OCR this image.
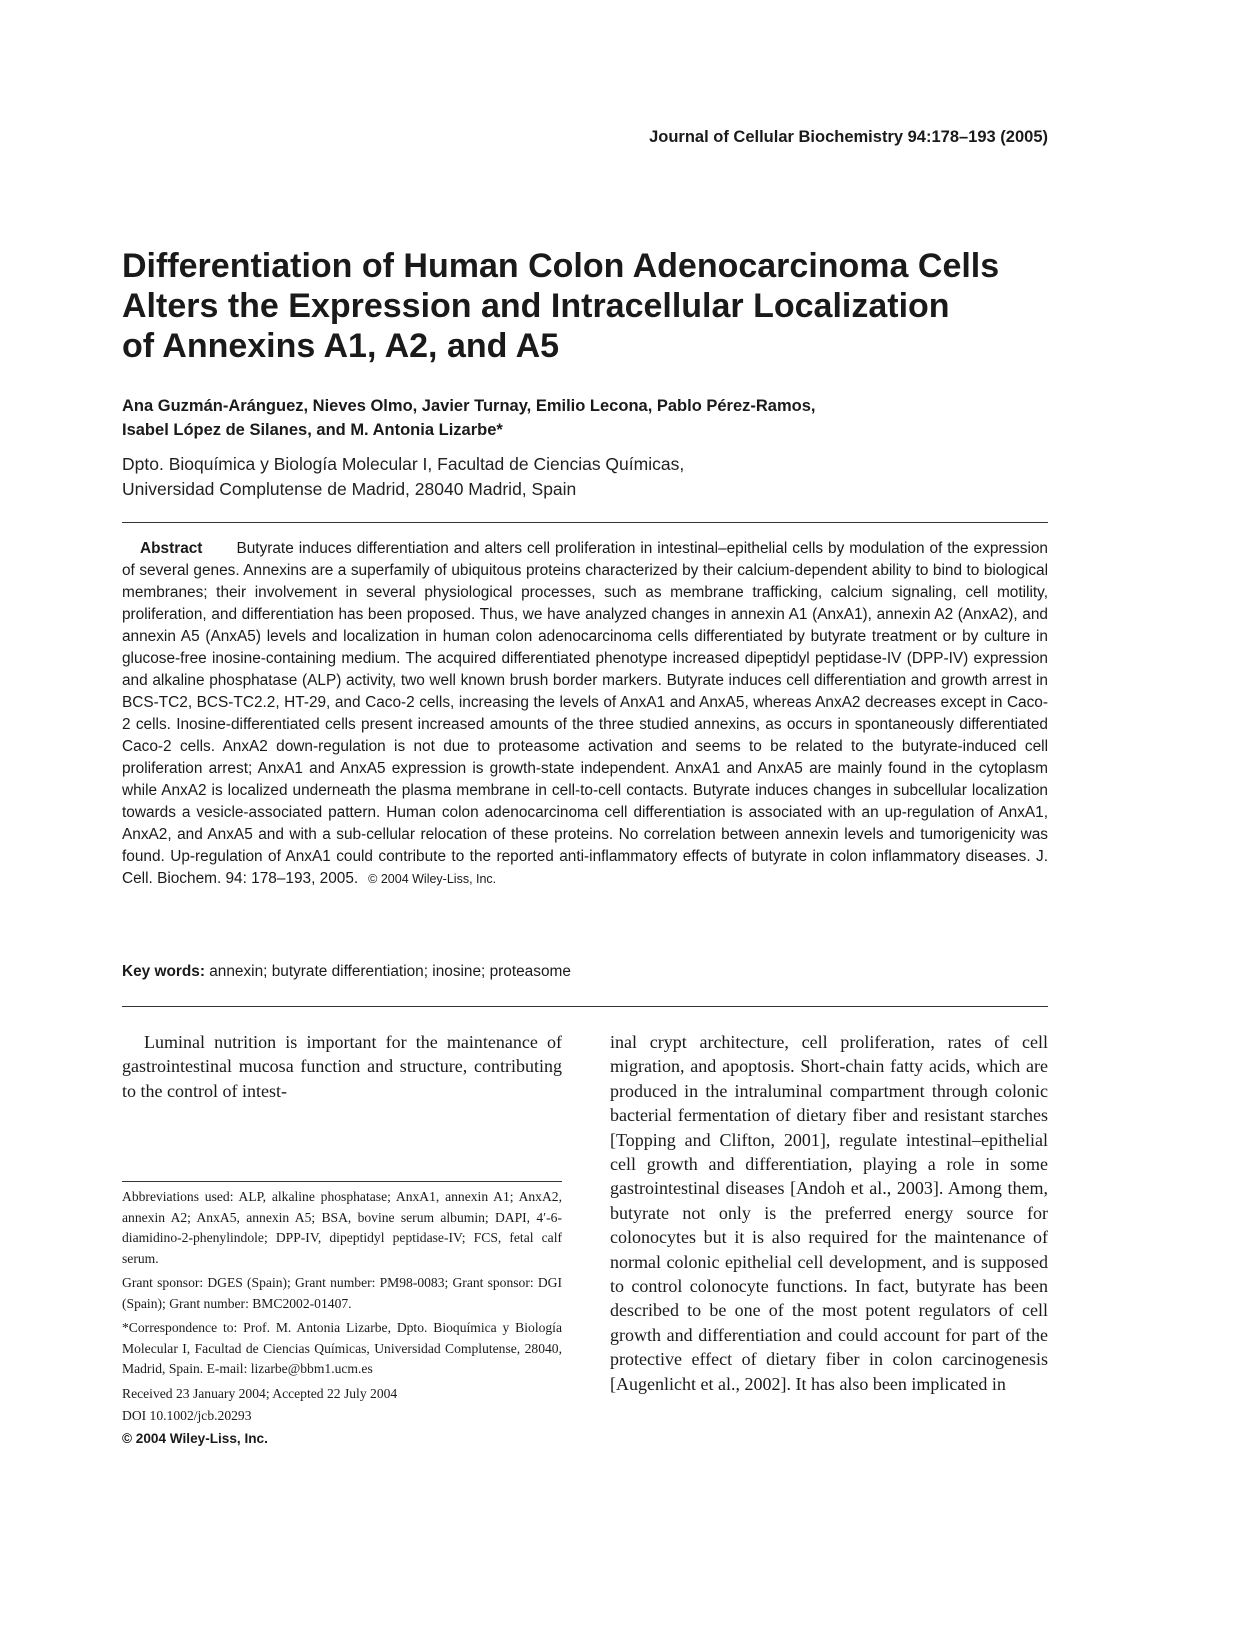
Journal of Cellular Biochemistry 94:178–193 (2005)
Differentiation of Human Colon Adenocarcinoma Cells
Alters the Expression and Intracellular Localization
of Annexins A1, A2, and A5
Ana Guzmán-Aránguez, Nieves Olmo, Javier Turnay, Emilio Lecona, Pablo Pérez-Ramos,
Isabel López de Silanes, and M. Antonia Lizarbe*
Dpto. Bioquímica y Biología Molecular I, Facultad de Ciencias Químicas,
Universidad Complutense de Madrid, 28040 Madrid, Spain
Abstract Butyrate induces differentiation and alters cell proliferation in intestinal–epithelial cells by modulation of the expression of several genes. Annexins are a superfamily of ubiquitous proteins characterized by their calcium-dependent ability to bind to biological membranes; their involvement in several physiological processes, such as membrane trafficking, calcium signaling, cell motility, proliferation, and differentiation has been proposed. Thus, we have analyzed changes in annexin A1 (AnxA1), annexin A2 (AnxA2), and annexin A5 (AnxA5) levels and localization in human colon adenocarcinoma cells differentiated by butyrate treatment or by culture in glucose-free inosine-containing medium. The acquired differentiated phenotype increased dipeptidyl peptidase-IV (DPP-IV) expression and alkaline phosphatase (ALP) activity, two well known brush border markers. Butyrate induces cell differentiation and growth arrest in BCS-TC2, BCS-TC2.2, HT-29, and Caco-2 cells, increasing the levels of AnxA1 and AnxA5, whereas AnxA2 decreases except in Caco-2 cells. Inosine-differentiated cells present increased amounts of the three studied annexins, as occurs in spontaneously differentiated Caco-2 cells. AnxA2 down-regulation is not due to proteasome activation and seems to be related to the butyrate-induced cell proliferation arrest; AnxA1 and AnxA5 expression is growth-state independent. AnxA1 and AnxA5 are mainly found in the cytoplasm while AnxA2 is localized underneath the plasma membrane in cell-to-cell contacts. Butyrate induces changes in subcellular localization towards a vesicle-associated pattern. Human colon adenocarcinoma cell differentiation is associated with an up-regulation of AnxA1, AnxA2, and AnxA5 and with a sub-cellular relocation of these proteins. No correlation between annexin levels and tumorigenicity was found. Up-regulation of AnxA1 could contribute to the reported anti-inflammatory effects of butyrate in colon inflammatory diseases. J. Cell. Biochem. 94: 178–193, 2005. © 2004 Wiley-Liss, Inc.
Key words: annexin; butyrate differentiation; inosine; proteasome

Luminal nutrition is important for the maintenance of gastrointestinal mucosa function and structure, contributing to the control of intest-

Abbreviations used: ALP, alkaline phosphatase; AnxA1, annexin A1; AnxA2, annexin A2; AnxA5, annexin A5; BSA, bovine serum albumin; DAPI, 4′-6-diamidino-2-phenylindole; DPP-IV, dipeptidyl peptidase-IV; FCS, fetal calf serum.

Grant sponsor: DGES (Spain); Grant number: PM98-0083; Grant sponsor: DGI (Spain); Grant number: BMC2002-01407.

*Correspondence to: Prof. M. Antonia Lizarbe, Dpto. Bioquímica y Biología Molecular I, Facultad de Ciencias Químicas, Universidad Complutense, 28040, Madrid, Spain. E-mail: lizarbe@bbm1.ucm.es

Received 23 January 2004; Accepted 22 July 2004

DOI 10.1002/jcb.20293

© 2004 Wiley-Liss, Inc.

inal crypt architecture, cell proliferation, rates of cell migration, and apoptosis. Short-chain fatty acids, which are produced in the intraluminal compartment through colonic bacterial fermentation of dietary fiber and resistant starches [Topping and Clifton, 2001], regulate intestinal–epithelial cell growth and differentiation, playing a role in some gastrointestinal diseases [Andoh et al., 2003]. Among them, butyrate not only is the preferred energy source for colonocytes but it is also required for the maintenance of normal colonic epithelial cell development, and is supposed to control colonocyte functions. In fact, butyrate has been described to be one of the most potent regulators of cell growth and differentiation and could account for part of the protective effect of dietary fiber in colon carcinogenesis [Augenlicht et al., 2002]. It has also been implicated in
